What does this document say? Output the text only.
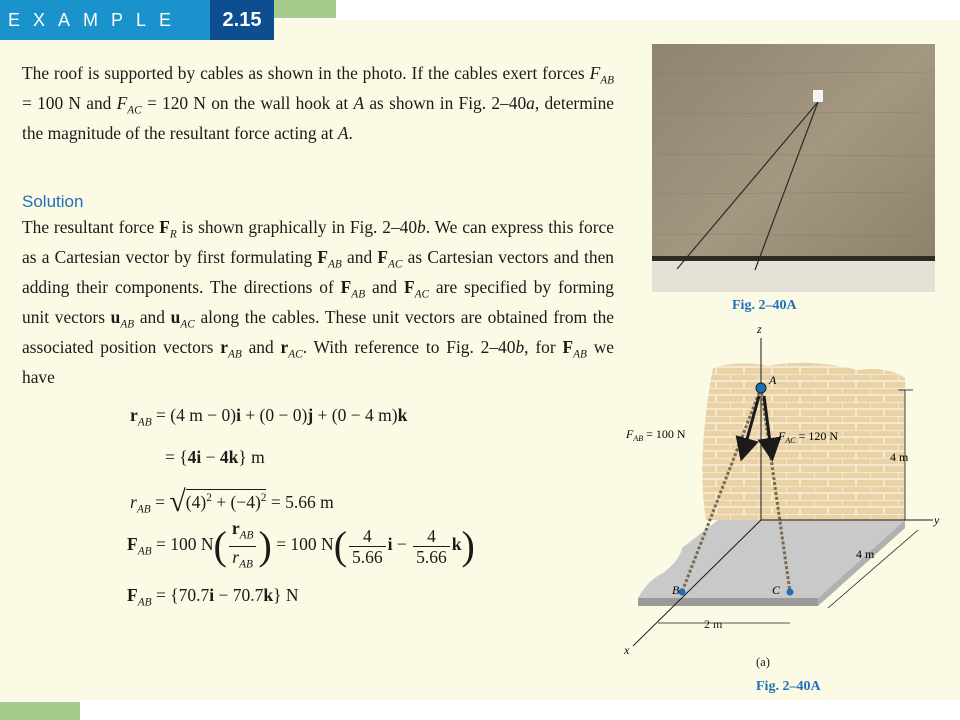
EXAMPLE	2.15
The roof is supported by cables as shown in the photo. If the cables exert forces $F_{AB} = 100$ N and $F_{AC} = 120$ N on the wall hook at A as shown in Fig. 2–40a, determine the magnitude of the resultant force acting at A.
Solution
The resultant force $F_R$ is shown graphically in Fig. 2–40b. We can express this force as a Cartesian vector by first formulating $F_{AB}$ and $F_{AC}$ as Cartesian vectors and then adding their components. The directions of $F_{AB}$ and $F_{AC}$ are specified by forming unit vectors $u_{AB}$ and $u_{AC}$ along the cables. These unit vectors are obtained from the associated position vectors $r_{AB}$ and $r_{AC}$. With reference to Fig. 2–40b, for $F_{AB}$ we have
$r_{AB} = (4$ m − 0)i + (0 − 0)j + (0 − 4 m)k
= {4i − 4k} m
$r_{AB} = √(4)^2 + (-4)^2 = 5.66$ m
$F_{AB} = 100$ $N( \frac{r_{AB}}{r_{AB}}$ ) = 100 $N( \frac{4}{5.66}$ $i - \frac{4}{5.66} k$)
$F_{AB} = \{70.7i - 70.7k\}$ N
Fig. 2–40A
z
y
x
A
B	C
$F_{AB} = 100$ N	$F_{AC} = 120$ N
4 m
4 m
2 m
(a)
Fig. 2–40A
